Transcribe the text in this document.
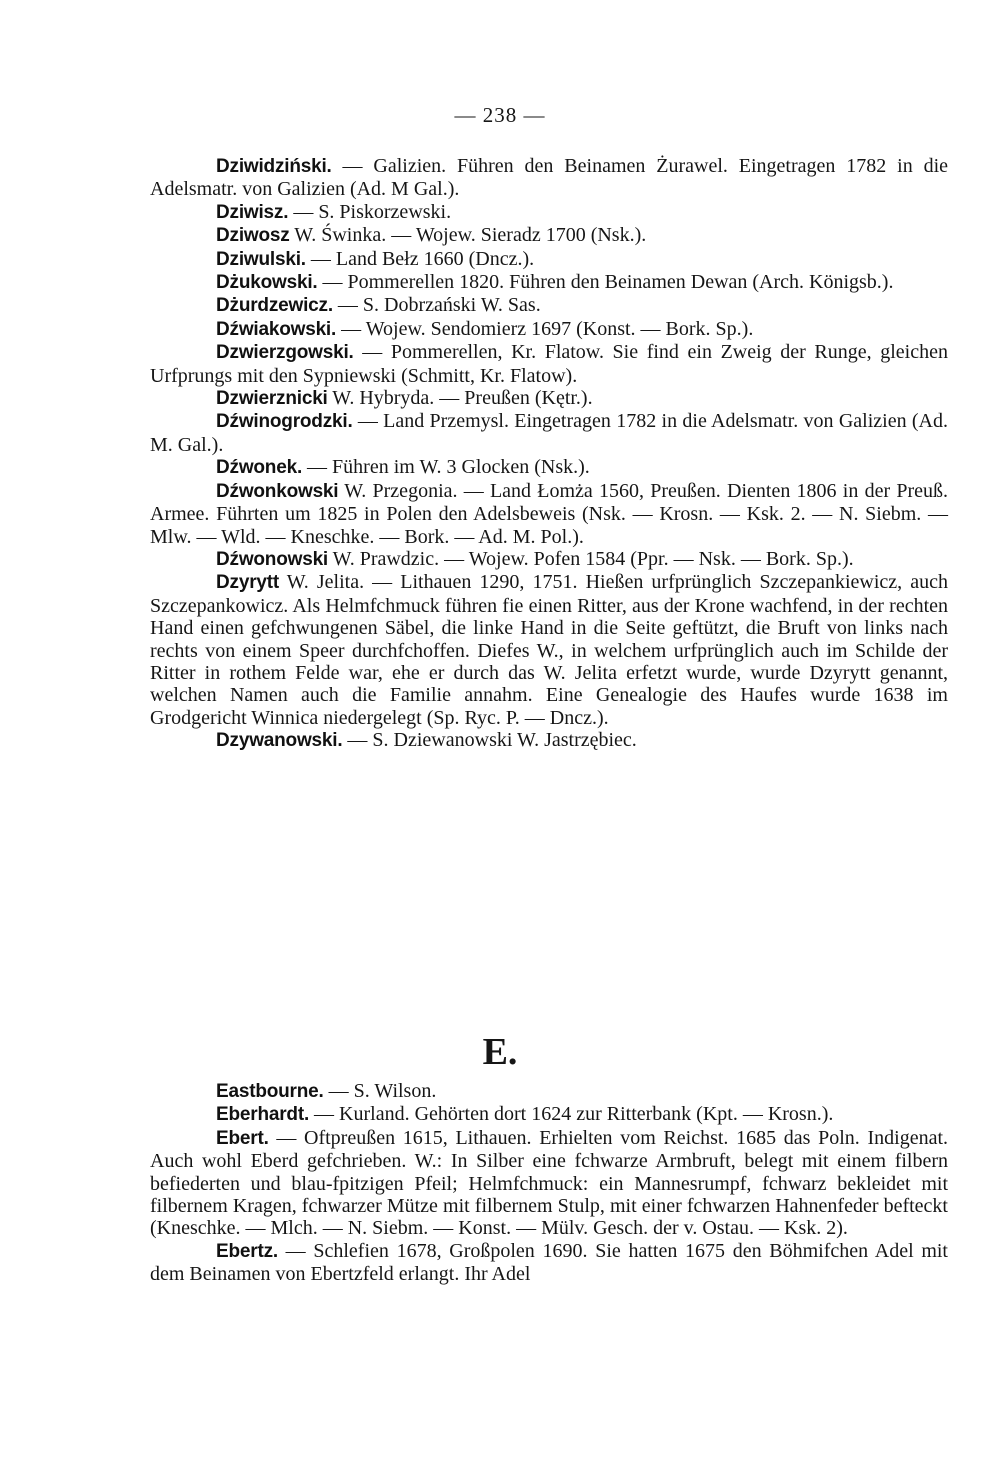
— 238 —

Dziwidziński. — Galizien. Führen den Beinamen Żurawel. Eingetragen 1782 in die Adelsmatr. von Galizien (Ad. M Gal.).

Dziwisz. — S. Piskorzewski.

Dziwosz W. Świnka. — Wojew. Sieradz 1700 (Nsk.).

Dziwulski. — Land Bełz 1660 (Dncz.).

Dżukowski. — Pommerellen 1820. Führen den Beinamen Dewan (Arch. Königsb.).

Dżurdzewicz. — S. Dobrzański W. Sas.

Dźwiakowski. — Wojew. Sendomierz 1697 (Konst. — Bork. Sp.).

Dzwierzgowski. — Pommerellen, Kr. Flatow. Sie find ein Zweig der Runge, gleichen Urfprungs mit den Sypniewski (Schmitt, Kr. Flatow).

Dzwierznicki W. Hybryda. — Preußen (Kętr.).

Dźwinogrodzki. — Land Przemysl. Eingetragen 1782 in die Adelsmatr. von Galizien (Ad. M. Gal.).

Dźwonek. — Führen im W. 3 Glocken (Nsk.).

Dźwonkowski W. Przegonia. — Land Łomża 1560, Preußen. Dienten 1806 in der Preuß. Armee. Führten um 1825 in Polen den Adelsbeweis (Nsk. — Krosn. — Ksk. 2. — N. Siebm. — Mlw. — Wld. — Kneschke. — Bork. — Ad. M. Pol.).

Dźwonowski W. Prawdzic. — Wojew. Pofen 1584 (Ppr. — Nsk. — Bork. Sp.).

Dzyrytt W. Jelita. — Lithauen 1290, 1751. Hießen urfprünglich Szczepankiewicz, auch Szczepankowicz. Als Helmfchmuck führen fie einen Ritter, aus der Krone wachfend, in der rechten Hand einen gefchwungenen Säbel, die linke Hand in die Seite geftützt, die Bruft von links nach rechts von einem Speer durchfchoffen. Diefes W., in welchem urfprünglich auch im Schilde der Ritter in rothem Felde war, ehe er durch das W. Jelita erfetzt wurde, wurde Dzyrytt genannt, welchen Namen auch die Familie annahm. Eine Genealogie des Haufes wurde 1638 im Grodgericht Winnica niedergelegt (Sp. Ryc. P. — Dncz.).

Dzywanowski. — S. Dziewanowski W. Jastrzębiec.

E.

Eastbourne. — S. Wilson.

Eberhardt. — Kurland. Gehörten dort 1624 zur Ritterbank (Kpt. — Krosn.).

Ebert. — Oftpreußen 1615, Lithauen. Erhielten vom Reichst. 1685 das Poln. Indigenat. Auch wohl Eberd gefchrieben. W.: In Silber eine fchwarze Armbruft, belegt mit einem filbern befiederten und blau-fpitzigen Pfeil; Helmfchmuck: ein Mannesrumpf, fchwarz bekleidet mit filbernem Kragen, fchwarzer Mütze mit filbernem Stulp, mit einer fchwarzen Hahnenfeder befteckt (Kneschke. — Mlch. — N. Siebm. — Konst. — Mülv. Gesch. der v. Ostau. — Ksk. 2).

Ebertz. — Schlefien 1678, Großpolen 1690. Sie hatten 1675 den Böhmifchen Adel mit dem Beinamen von Ebertzfeld erlangt. Ihr Adel
